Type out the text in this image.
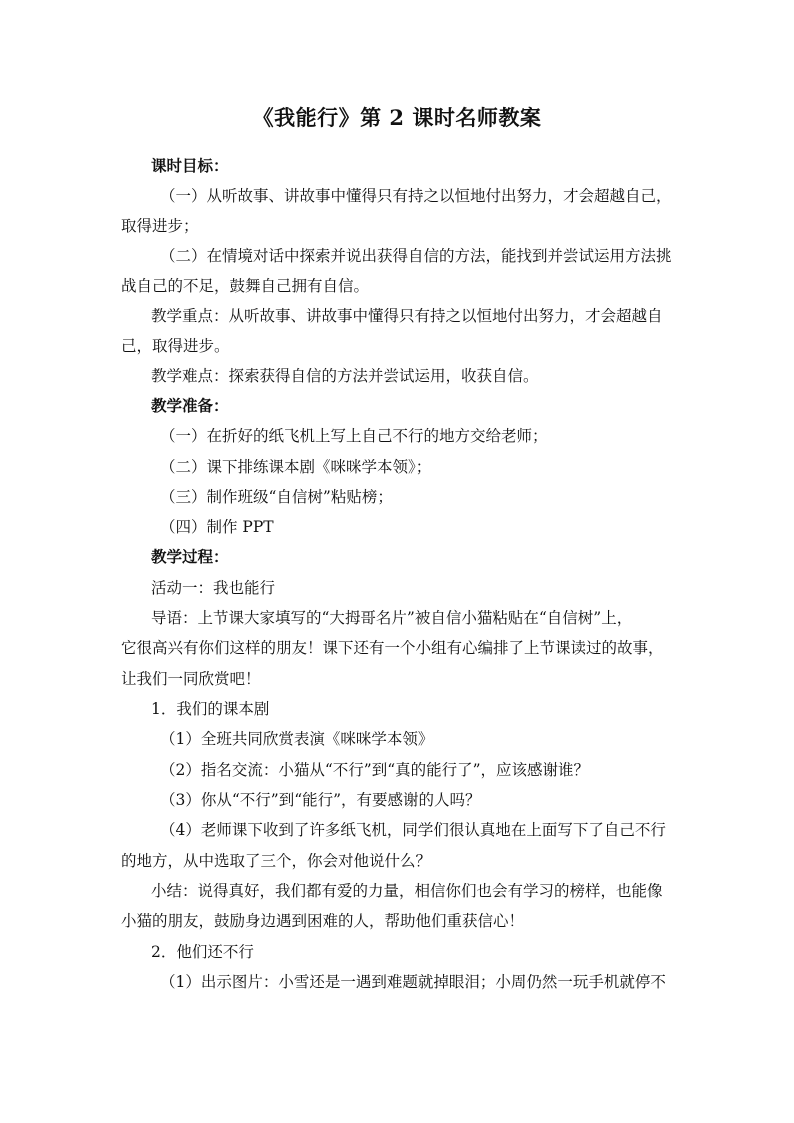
《我能行》第 2 课时名师教案
课时目标：
（一）从听故事、讲故事中懂得只有持之以恒地付出努力，才会超越自己，
取得进步；
（二）在情境对话中探索并说出获得自信的方法，能找到并尝试运用方法挑
战自己的不足，鼓舞自己拥有自信。
教学重点：从听故事、讲故事中懂得只有持之以恒地付出努力，才会超越自
己，取得进步。
教学难点：探索获得自信的方法并尝试运用，收获自信。
教学准备：
（一）在折好的纸飞机上写上自己不行的地方交给老师；
（二）课下排练课本剧《咪咪学本领》；
（三）制作班级“自信树”粘贴榜；
（四）制作 PPT
教学过程：
活动一：我也能行
导语：上节课大家填写的“大拇哥名片”被自信小猫粘贴在“自信树”上，
它很高兴有你们这样的朋友！课下还有一个小组有心编排了上节课读过的故事，
让我们一同欣赏吧！
1．我们的课本剧
（1）全班共同欣赏表演《咪咪学本领》
（2）指名交流：小猫从“不行”到“真的能行了”，应该感谢谁？
（3）你从“不行”到“能行”，有要感谢的人吗？
（4）老师课下收到了许多纸飞机，同学们很认真地在上面写下了自己不行
的地方，从中选取了三个，你会对他说什么？
小结：说得真好，我们都有爱的力量，相信你们也会有学习的榜样，也能像
小猫的朋友，鼓励身边遇到困难的人，帮助他们重获信心！
2．他们还不行
（1）出示图片：小雪还是一遇到难题就掉眼泪；小周仍然一玩手机就停不
